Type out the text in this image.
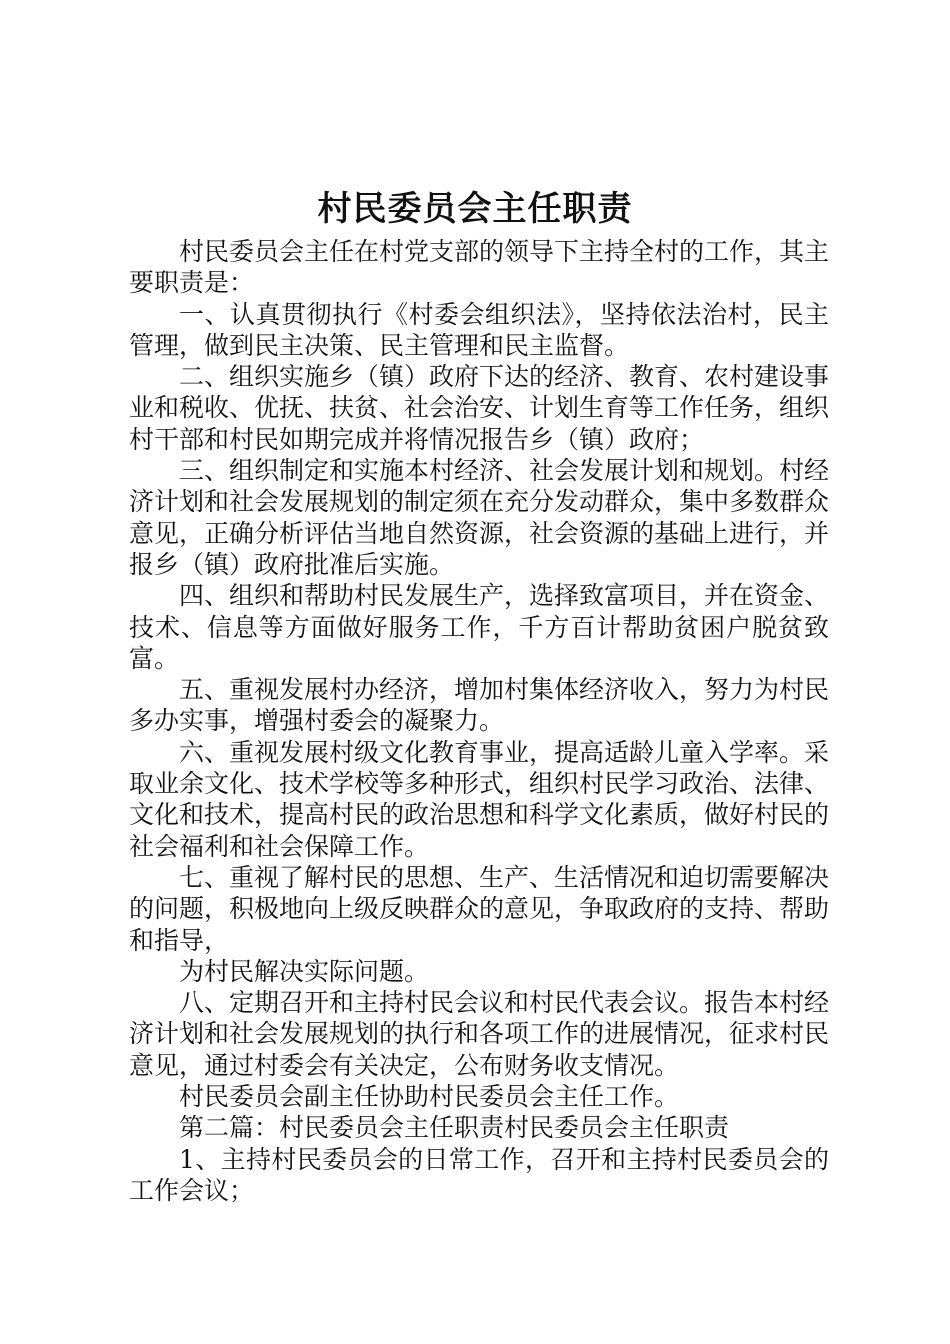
村民委员会主任职责

村民委员会主任在村党支部的领导下主持全村的工作，其主要职责是：

一、认真贯彻执行《村委会组织法》，坚持依法治村，民主管理，做到民主决策、民主管理和民主监督。

二、组织实施乡（镇）政府下达的经济、教育、农村建设事业和税收、优抚、扶贫、社会治安、计划生育等工作任务，组织村干部和村民如期完成并将情况报告乡（镇）政府；

三、组织制定和实施本村经济、社会发展计划和规划。村经济计划和社会发展规划的制定须在充分发动群众，集中多数群众意见，正确分析评估当地自然资源，社会资源的基础上进行，并报乡（镇）政府批准后实施。

四、组织和帮助村民发展生产，选择致富项目，并在资金、技术、信息等方面做好服务工作，千方百计帮助贫困户脱贫致富。

五、重视发展村办经济，增加村集体经济收入，努力为村民多办实事，增强村委会的凝聚力。

六、重视发展村级文化教育事业，提高适龄儿童入学率。采取业余文化、技术学校等多种形式，组织村民学习政治、法律、文化和技术，提高村民的政治思想和科学文化素质，做好村民的社会福利和社会保障工作。

七、重视了解村民的思想、生产、生活情况和迫切需要解决的问题，积极地向上级反映群众的意见，争取政府的支持、帮助和指导，

为村民解决实际问题。

八、定期召开和主持村民会议和村民代表会议。报告本村经济计划和社会发展规划的执行和各项工作的进展情况，征求村民意见，通过村委会有关决定，公布财务收支情况。

村民委员会副主任协助村民委员会主任工作。

第二篇：村民委员会主任职责村民委员会主任职责

1、主持村民委员会的日常工作，召开和主持村民委员会的工作会议；
